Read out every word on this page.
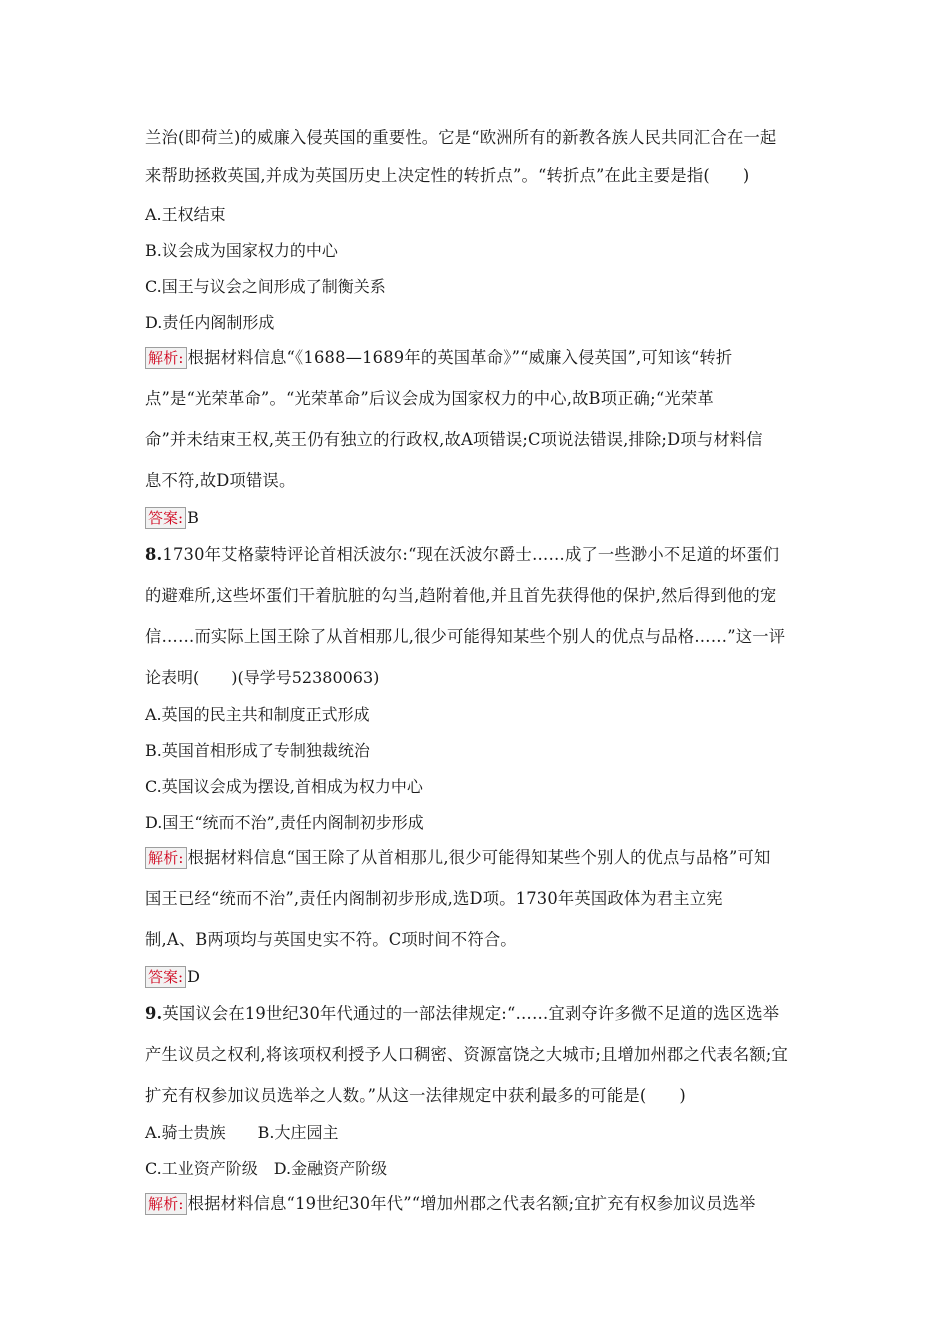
兰治(即荷兰)的威廉入侵英国的重要性。它是“欧洲所有的新教各族人民共同汇合在一起
来帮助拯救英国,并成为英国历史上决定性的转折点”。“转折点”在此主要是指(　　)
A.王权结束
B.议会成为国家权力的中心
C.国王与议会之间形成了制衡关系
D.责任内阁制形成
解析: 根据材料信息“《1688—1689年的英国革命》”“威廉入侵英国”,可知该“转折
点”是“光荣革命”。“光荣革命”后议会成为国家权力的中心,故B项正确;“光荣革
命”并未结束王权,英王仍有独立的行政权,故A项错误;C项说法错误,排除;D项与材料信
息不符,故D项错误。
答案: B
8.1730年艾格蒙特评论首相沃波尔:“现在沃波尔爵士……成了一些渺小不足道的坏蛋们
的避难所,这些坏蛋们干着肮脏的勾当,趋附着他,并且首先获得他的保护,然后得到他的宠
信……而实际上国王除了从首相那儿,很少可能得知某些个别人的优点与品格……”这一评
论表明(　　)(导学号52380063)
A.英国的民主共和制度正式形成
B.英国首相形成了专制独裁统治
C.英国议会成为摆设,首相成为权力中心
D.国王“统而不治”,责任内阁制初步形成
解析: 根据材料信息“国王除了从首相那儿,很少可能得知某些个别人的优点与品格”可知
国王已经“统而不治”,责任内阁制初步形成,选D项。1730年英国政体为君主立宪
制,A、B两项均与英国史实不符。C项时间不符合。
答案: D
9.英国议会在19世纪30年代通过的一部法律规定:“……宜剥夺许多微不足道的选区选举
产生议员之权利,将该项权利授予人口稠密、资源富饶之大城市;且增加州郡之代表名额;宜
扩充有权参加议员选举之人数。”从这一法律规定中获利最多的可能是(　　)
A.骑士贵族　　B.大庄园主
C.工业资产阶级　D.金融资产阶级
解析: 根据材料信息“19世纪30年代”“增加州郡之代表名额;宜扩充有权参加议员选举
